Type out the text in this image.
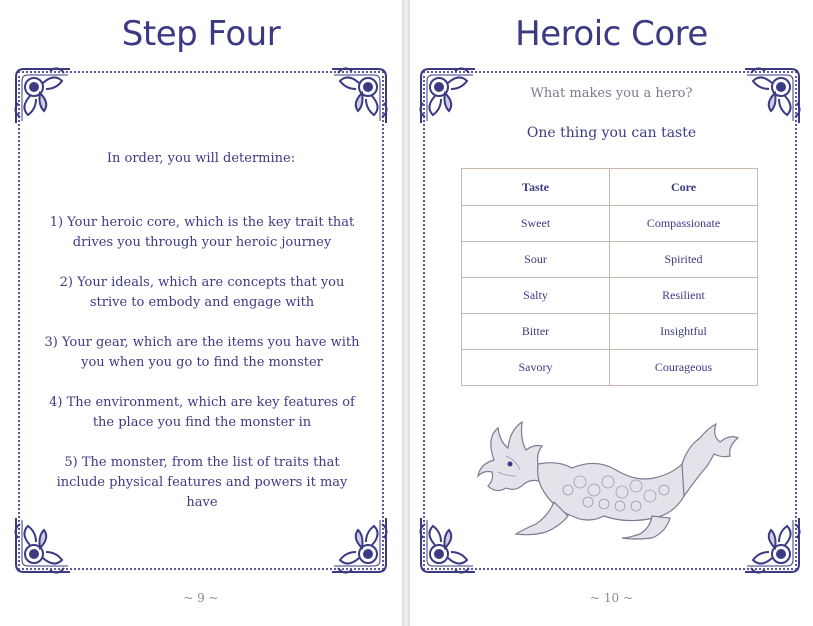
Step Four
In order, you will determine:
1) Your heroic core, which is the key trait that drives you through your heroic journey
2) Your ideals, which are concepts that you strive to embody and engage with
3) Your gear, which are the items you have with you when you go to find the monster
4) The environment, which are key features of the place you find the monster in
5) The monster, from the list of traits that include physical features and powers it may have
~ 9 ~
Heroic Core
What makes you a hero?
One thing you can taste
Taste	Core
Sweet	Compassionate
Sour	Spirited
Salty	Resilient
Bitter	Insightful
Savory	Courageous
~ 10 ~
